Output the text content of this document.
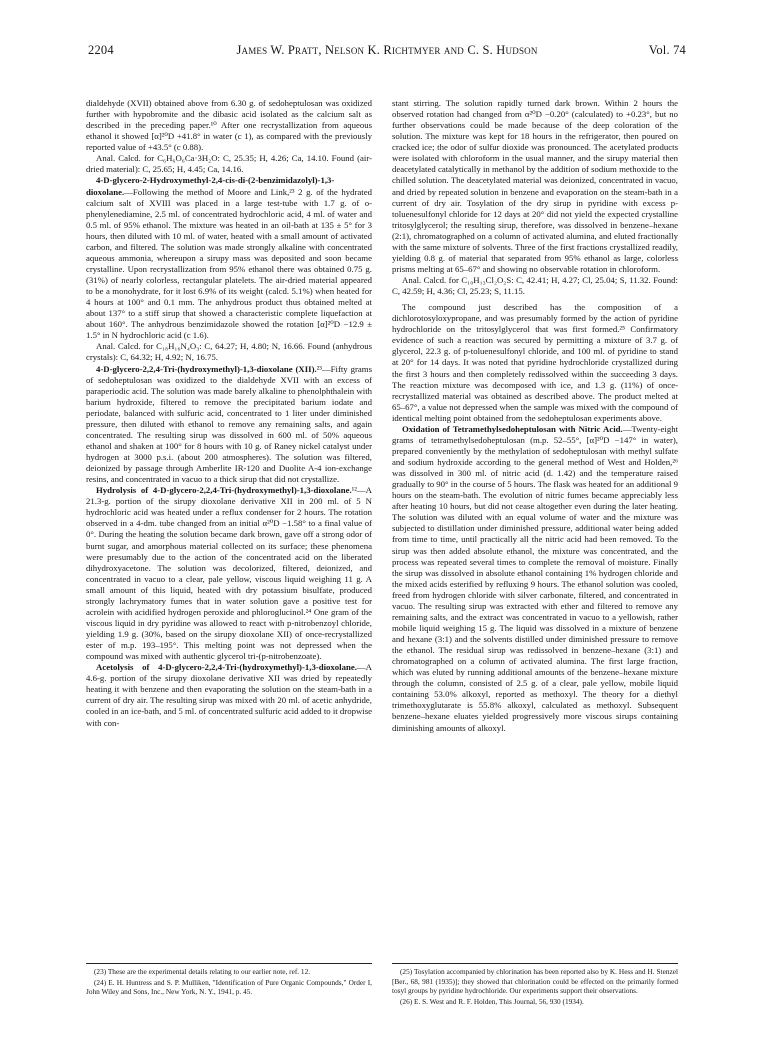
2204	James W. Pratt, Nelson K. Richtmyer and C. S. Hudson	Vol. 74

dialdehyde (XVII) obtained above from 6.30 g. of sedoheptulosan was oxidized further with hypobromite and the dibasic acid isolated as the calcium salt as described in the preceding paper.¹⁰ After one recrystallization from aqueous ethanol it showed [α]²⁰D +41.8° in water (c 1), as compared with the previously reported value of +43.5° (c 0.88).

Anal. Calcd. for C₆H₆O₆Ca·3H₂O: C, 25.35; H, 4.26; Ca, 14.10. Found (air-dried material): C, 25.65; H, 4.45; Ca, 14.16.

4-D-glycero-2-Hydroxymethyl-2,4-cis-di-(2-benzimidazolyl)-1,3-dioxolane.—Following the method of Moore and Link,²³ 2 g. of the hydrated calcium salt of XVIII was placed in a large test-tube with 1.7 g. of o-phenylenediamine, 2.5 ml. of concentrated hydrochloric acid, 4 ml. of water and 0.5 ml. of 95% ethanol. The mixture was heated in an oil-bath at 135 ± 5° for 3 hours, then diluted with 10 ml. of water, heated with a small amount of activated carbon, and filtered. The solution was made strongly alkaline with concentrated aqueous ammonia, whereupon a sirupy mass was deposited and soon became crystalline. Upon recrystallization from 95% ethanol there was obtained 0.75 g. (31%) of nearly colorless, rectangular platelets. The air-dried material appeared to be a monohydrate, for it lost 6.9% of its weight (calcd. 5.1%) when heated for 4 hours at 100° and 0.1 mm. The anhydrous product thus obtained melted at about 137° to a stiff sirup that showed a characteristic complete liquefaction at about 160°. The anhydrous benzimidazole showed the rotation [α]²⁰D −12.9 ± 1.5° in N hydrochloric acid (c 1.6).

Anal. Calcd. for C₁₈H₁₆N₄O₃: C, 64.27; H, 4.80; N, 16.66. Found (anhydrous crystals): C, 64.32; H, 4.92; N, 16.75.

4-D-glycero-2,2,4-Tri-(hydroxymethyl)-1,3-dioxolane (XII).²³—Fifty grams of sedoheptulosan was oxidized to the dialdehyde XVII with an excess of paraperiodic acid. The solution was made barely alkaline to phenolphthalein with barium hydroxide, filtered to remove the precipitated barium iodate and periodate, balanced with sulfuric acid, concentrated to 1 liter under diminished pressure, then diluted with ethanol to remove any remaining salts, and again concentrated. The resulting sirup was dissolved in 600 ml. of 50% aqueous ethanol and shaken at 100° for 8 hours with 10 g. of Raney nickel catalyst under hydrogen at 3000 p.s.i. (about 200 atmospheres). The solution was filtered, deionized by passage through Amberlite IR-120 and Duolite A-4 ion-exchange resins, and concentrated in vacuo to a thick sirup that did not crystallize.

Hydrolysis of 4-D-glycero-2,2,4-Tri-(hydroxymethyl)-1,3-dioxolane.¹²—A 21.3-g. portion of the sirupy dioxolane derivative XII in 200 ml. of 5 N hydrochloric acid was heated under a reflux condenser for 2 hours. The rotation observed in a 4-dm. tube changed from an initial α²⁰D −1.58° to a final value of 0°. During the heating the solution became dark brown, gave off a strong odor of burnt sugar, and amorphous material collected on its surface; these phenomena were presumably due to the action of the concentrated acid on the liberated dihydroxyacetone. The solution was decolorized, filtered, deionized, and concentrated in vacuo to a clear, pale yellow, viscous liquid weighing 11 g. A small amount of this liquid, heated with dry potassium bisulfate, produced strongly lachrymatory fumes that in water solution gave a positive test for acrolein with acidified hydrogen peroxide and phloroglucinol.²⁴ One gram of the viscous liquid in dry pyridine was allowed to react with p-nitrobenzoyl chloride, yielding 1.9 g. (30%, based on the sirupy dioxolane XII) of once-recrystallized ester of m.p. 193–195°. This melting point was not depressed when the compound was mixed with authentic glycerol tri-(p-nitrobenzoate).

Acetolysis of 4-D-glycero-2,2,4-Tri-(hydroxymethyl)-1,3-dioxolane.—A 4.6-g. portion of the sirupy dioxolane derivative XII was dried by repeatedly heating it with benzene and then evaporating the solution on the steam-bath in a current of dry air. The resulting sirup was mixed with 20 ml. of acetic anhydride, cooled in an ice-bath, and 5 ml. of concentrated sulfuric acid added to it dropwise with con-

stant stirring. The solution rapidly turned dark brown. Within 2 hours the observed rotation had changed from α²⁰D −0.20° (calculated) to +0.23°, but no further observations could be made because of the deep coloration of the solution. The mixture was kept for 18 hours in the refrigerator, then poured on cracked ice; the odor of sulfur dioxide was pronounced. The acetylated products were isolated with chloroform in the usual manner, and the sirupy material then deacetylated catalytically in methanol by the addition of sodium methoxide to the chilled solution. The deacetylated material was deionized, concentrated in vacuo, and dried by repeated solution in benzene and evaporation on the steam-bath in a current of dry air. Tosylation of the dry sirup in pyridine with excess p-toluenesulfonyl chloride for 12 days at 20° did not yield the expected crystalline tritosylglycerol; the resulting sirup, therefore, was dissolved in benzene–hexane (2:1), chromatographed on a column of activated alumina, and eluted fractionally with the same mixture of solvents. Three of the first fractions crystallized readily, yielding 0.8 g. of material that separated from 95% ethanol as large, colorless prisms melting at 65–67° and showing no observable rotation in chloroform.

Anal. Calcd. for C₁₀H₁₃Cl₂O₂S: C, 42.41; H, 4.27; Cl, 25.04; S, 11.32. Found: C, 42.59; H, 4.36; Cl, 25.23; S, 11.15.

The compound just described has the composition of a dichlorotosyloxypropane, and was presumably formed by the action of pyridine hydrochloride on the tritosylglycerol that was first formed.²⁵ Confirmatory evidence of such a reaction was secured by permitting a mixture of 3.7 g. of glycerol, 22.3 g. of p-toluenesulfonyl chloride, and 100 ml. of pyridine to stand at 20° for 14 days. It was noted that pyridine hydrochloride crystallized during the first 3 hours and then completely redissolved within the succeeding 3 days. The reaction mixture was decomposed with ice, and 1.3 g. (11%) of once-recrystallized material was obtained as described above. The product melted at 65–67°, a value not depressed when the sample was mixed with the compound of identical melting point obtained from the sedoheptulosan experiments above.

Oxidation of Tetramethylsedoheptulosan with Nitric Acid.—Twenty-eight grams of tetramethylsedoheptulosan (m.p. 52–55°, [α]²⁰D −147° in water), prepared conveniently by the methylation of sedoheptulosan with methyl sulfate and sodium hydroxide according to the general method of West and Holden,²⁶ was dissolved in 300 ml. of nitric acid (d. 1.42) and the temperature raised gradually to 90° in the course of 5 hours. The flask was heated for an additional 9 hours on the steam-bath. The evolution of nitric fumes became appreciably less after heating 10 hours, but did not cease altogether even during the later heating. The solution was diluted with an equal volume of water and the mixture was subjected to distillation under diminished pressure, additional water being added from time to time, until practically all the nitric acid had been removed. To the sirup was then added absolute ethanol, the mixture was concentrated, and the process was repeated several times to complete the removal of moisture. Finally the sirup was dissolved in absolute ethanol containing 1% hydrogen chloride and the mixed acids esterified by refluxing 9 hours. The ethanol solution was cooled, freed from hydrogen chloride with silver carbonate, filtered, and concentrated in vacuo. The resulting sirup was extracted with ether and filtered to remove any remaining salts, and the extract was concentrated in vacuo to a yellowish, rather mobile liquid weighing 15 g. The liquid was dissolved in a mixture of benzene and hexane (3:1) and the solvents distilled under diminished pressure to remove the ethanol. The residual sirup was redissolved in benzene–hexane (3:1) and chromatographed on a column of activated alumina. The first large fraction, which was eluted by running additional amounts of the benzene–hexane mixture through the column, consisted of 2.5 g. of a clear, pale yellow, mobile liquid containing 53.0% alkoxyl, reported as methoxyl. The theory for a diethyl trimethoxyglutarate is 55.8% alkoxyl, calculated as methoxyl. Subsequent benzene–hexane eluates yielded progressively more viscous sirups containing diminishing amounts of alkoxyl.

(23) These are the experimental details relating to our earlier note, ref. 12.

(24) E. H. Huntress and S. P. Mulliken, "Identification of Pure Organic Compounds," Order I, John Wiley and Sons, Inc., New York, N. Y., 1941, p. 45.

(25) Tosylation accompanied by chlorination has been reported also by K. Hess and H. Stenzel [Ber., 68, 981 (1935)]; they showed that chlorination could be effected on the primarily formed tosyl groups by pyridine hydrochloride. Our experiments support their observations.

(26) E. S. West and R. F. Holden, This Journal, 56, 930 (1934).
